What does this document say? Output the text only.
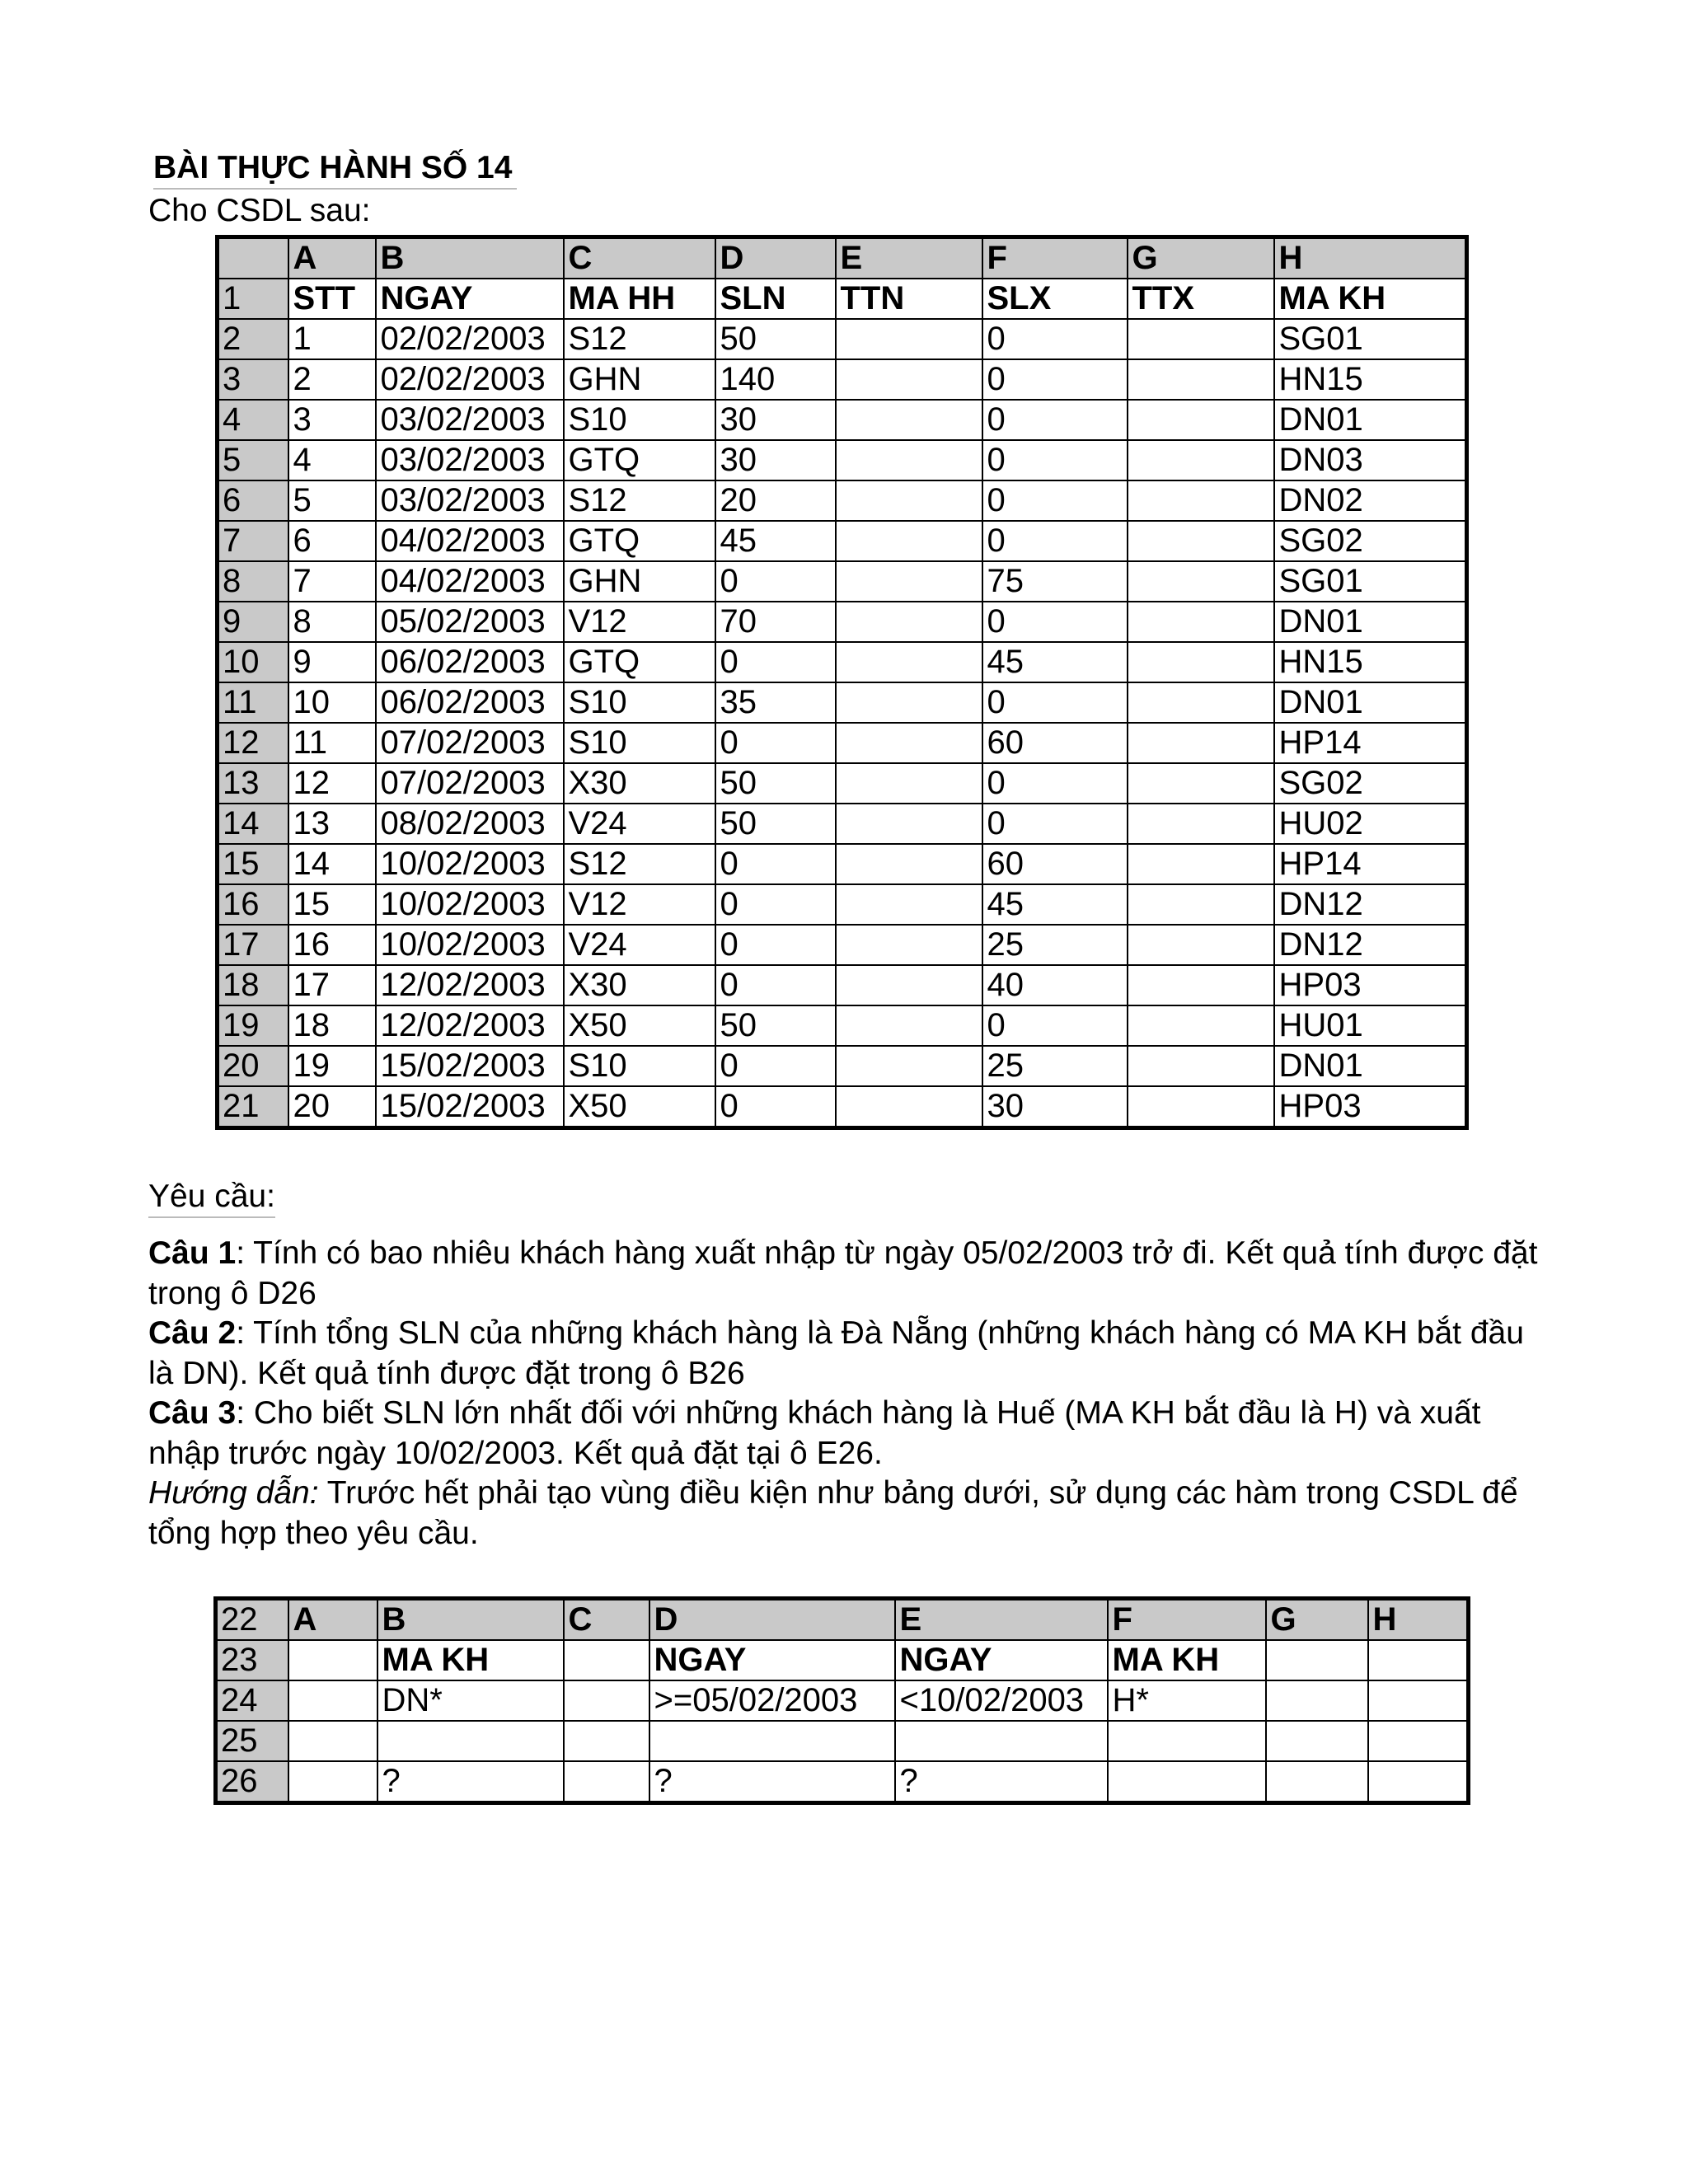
BÀI THỰC HÀNH SỐ 14
Cho CSDL sau:
	A	B	C	D	E	F	G	H
1	STT	NGAY	MA HH	SLN	TTN	SLX	TTX	MA KH
2	1	02/02/2003	S12	50		0		SG01
3	2	02/02/2003	GHN	140		0		HN15
4	3	03/02/2003	S10	30		0		DN01
5	4	03/02/2003	GTQ	30		0		DN03
6	5	03/02/2003	S12	20		0		DN02
7	6	04/02/2003	GTQ	45		0		SG02
8	7	04/02/2003	GHN	0		75		SG01
9	8	05/02/2003	V12	70		0		DN01
10	9	06/02/2003	GTQ	0		45		HN15
11	10	06/02/2003	S10	35		0		DN01
12	11	07/02/2003	S10	0		60		HP14
13	12	07/02/2003	X30	50		0		SG02
14	13	08/02/2003	V24	50		0		HU02
15	14	10/02/2003	S12	0		60		HP14
16	15	10/02/2003	V12	0		45		DN12
17	16	10/02/2003	V24	0		25		DN12
18	17	12/02/2003	X30	0		40		HP03
19	18	12/02/2003	X50	50		0		HU01
20	19	15/02/2003	S10	0		25		DN01
21	20	15/02/2003	X50	0		30		HP03
Yêu cầu:

Câu 1: Tính có bao nhiêu khách hàng xuất nhập từ ngày 05/02/2003 trở đi. Kết quả tính được đặt trong ô D26

Câu 2: Tính tổng SLN của những khách hàng là Đà Nẵng (những khách hàng có MA KH bắt đầu là DN). Kết quả tính được đặt trong ô B26

Câu 3: Cho biết SLN lớn nhất đối với những khách hàng là Huế (MA KH bắt đầu là H) và xuất nhập trước ngày 10/02/2003. Kết quả đặt tại ô E26.

Hướng dẫn: Trước hết phải tạo vùng điều kiện như bảng dưới, sử dụng các hàm trong CSDL để tổng hợp theo yêu cầu.

22	A	B	C	D	E	F	G	H
23		MA KH		NGAY	NGAY	MA KH		
24		DN*		>=05/02/2003	<10/02/2003	H*		
25								
26		?		?	?			
